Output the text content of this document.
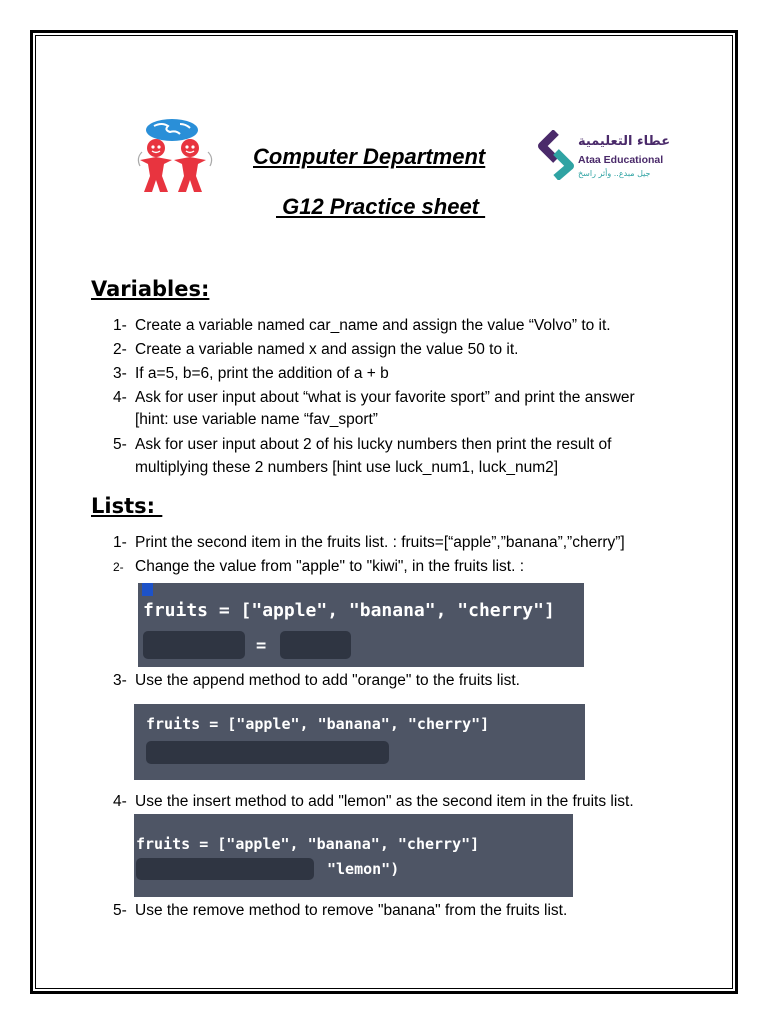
عطاء التعليمية
Ataa Educational
جيل مبدع.. وأثر راسخ
Computer Department
G12 Practice sheet
Variables:
1- Create a variable named car_name and assign the value “Volvo” to it.
2- Create a variable named x and assign the value 50 to it.
3- If a=5, b=6, print the addition of a + b
4- Ask for user input about “what is your favorite sport” and print the answer
[hint: use variable name “fav_sport”
5- Ask for user input about 2 of his lucky numbers then print the result of
multiplying these 2 numbers [hint use luck_num1, luck_num2]
Lists:
1- Print the second item in the fruits list. : fruits=[“apple”,”banana”,”cherry”]
2- Change the value from "apple" to "kiwi", in the fruits list. :
fruits = ["apple", "banana", "cherry"]
=
3- Use the append method to add "orange" to the fruits list.
fruits = ["apple", "banana", "cherry"]
4- Use the insert method to add "lemon" as the second item in the fruits list.
fruits = ["apple", "banana", "cherry"]
"lemon")
5- Use the remove method to remove "banana" from the fruits list.
